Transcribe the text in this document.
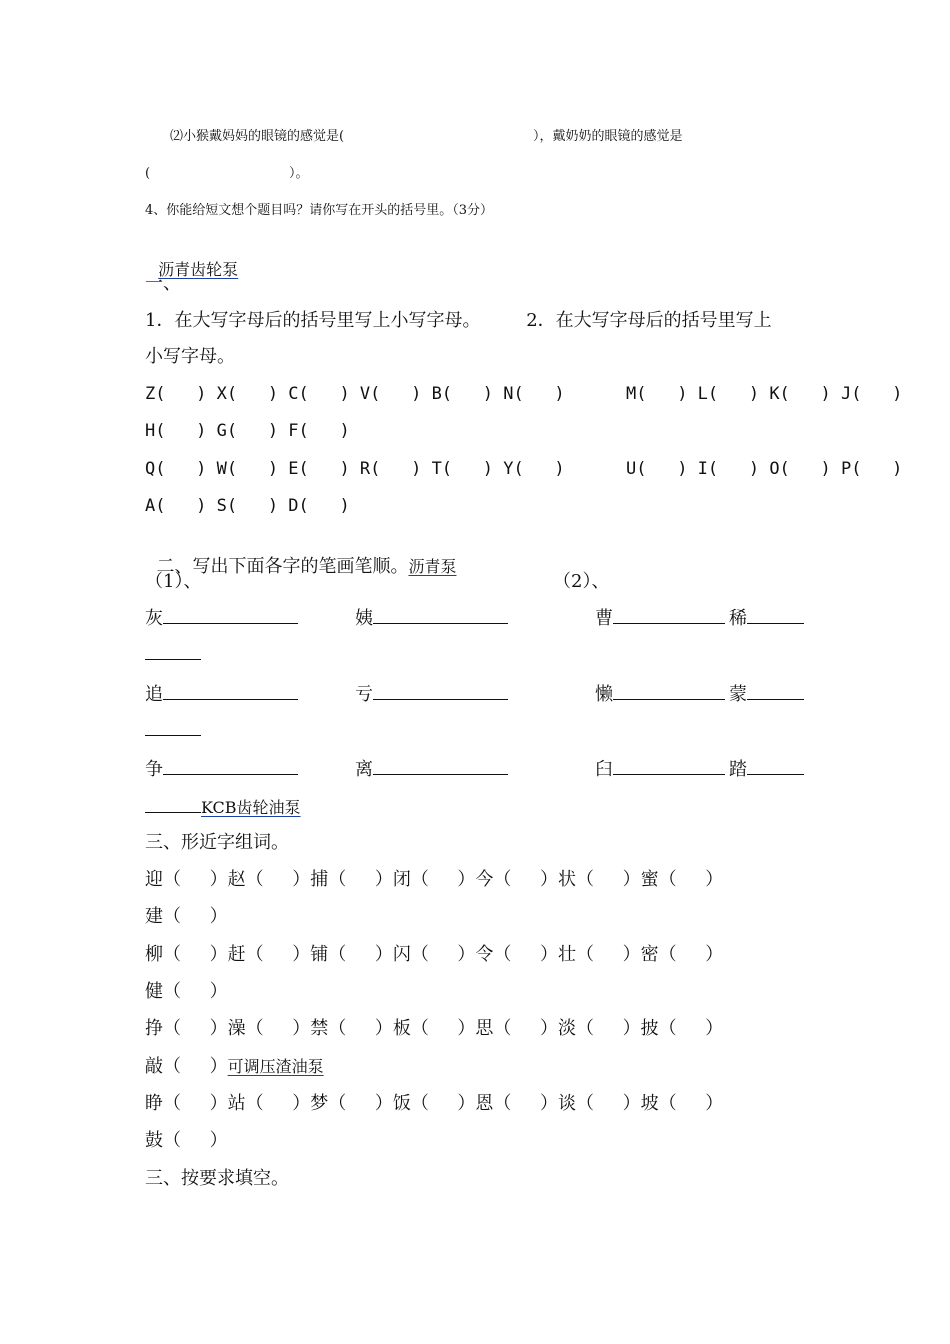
⑵小猴戴妈妈的眼镜的感觉是(	），戴奶奶的眼镜的感觉是
(	）。
4、你能给短文想个题目吗？请你写在开头的括号里。（3分）

沥青齿轮泵

一、
1．在大写字母后的括号里写上小写字母。        2．在大写字母后的括号里写上
小写字母。
Z(   ) X(   ) C(   ) V(   ) B(   ) N(   )      M(   ) L(   ) K(   ) J(   )
H(   ) G(   ) F(   )
Q(   ) W(   ) E(   ) R(   ) T(   ) Y(   )      U(   ) I(   ) O(   ) P(   )
A(   ) S(   ) D(   )

二、写出下面各字的笔画笔顺。沥青泵

（1）、	（2）、
灰	姨	曹	稀
追	亏	懒	蒙
争	离	臼	踏
KCB齿轮油泵
三、形近字组词。
迎（     ）赵（     ）捕（     ）闭（     ）今（     ）状（     ）蜜（     ）
建（     ）
柳（     ）赶（     ）铺（     ）闪（     ）令（     ）壮（     ）密（     ）
健（     ）
挣（     ）澡（     ）禁（     ）板（     ）思（     ）淡（     ）披（     ）
敲（     ）可调压渣油泵
睁（     ）站（     ）梦（     ）饭（     ）恩（     ）谈（     ）坡（     ）
鼓（     ）
三、按要求填空。
